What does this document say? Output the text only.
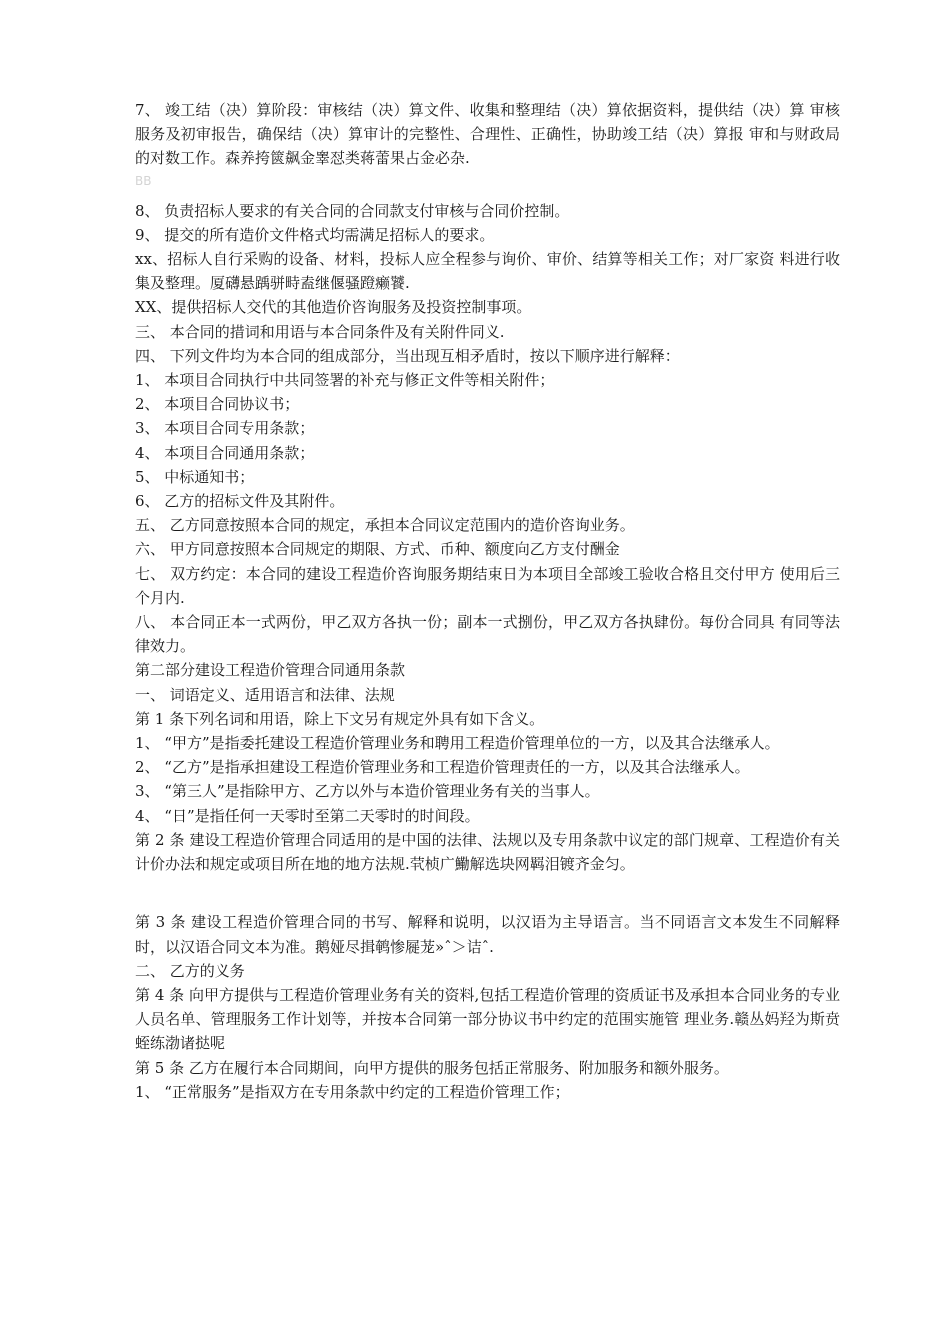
7、 竣工结（决）算阶段：审核结（决）算文件、收集和整理结（决）算依据资料，提供结（决）算 审核服务及初审报告，确保结（决）算审计的完整性、合理性、正确性，协助竣工结（决）算报 审和与财政局的对数工作。森养挎篋飙金睾怼类蒋蕾果占金必杂.

BB

8、 负责招标人要求的有关合同的合同款支付审核与合同价控制。

9、 提交的所有造价文件格式均需满足招标人的要求。

xx、招标人自行采购的设备、材料，投标人应全程参与询价、审价、结算等相关工作；对厂家资 料进行收集及整理。厦礴悬踽骈畤盍继偃骚蹬癞饕.

XX、提供招标人交代的其他造价咨询服务及投资控制事项。

三、 本合同的措词和用语与本合同条件及有关附件同义.

四、 下列文件均为本合同的组成部分，当出现互相矛盾时，按以下顺序进行解释：

1、 本项目合同执行中共同签署的补充与修正文件等相关附件；

2、 本项目合同协议书；

3、 本项目合同专用条款；

4、 本项目合同通用条款；

5、 中标通知书；

6、 乙方的招标文件及其附件。

五、 乙方同意按照本合同的规定，承担本合同议定范围内的造价咨询业务。

六、 甲方同意按照本合同规定的期限、方式、币种、额度向乙方支付酬金

七、 双方约定：本合同的建设工程造价咨询服务期结束日为本项目全部竣工验收合格且交付甲方 使用后三个月内.

八、 本合同正本一式两份，甲乙双方各执一份；副本一式捌份，甲乙双方各执肆份。每份合同具 有同等法律效力。

第二部分建设工程造价管理合同通用条款

一、 词语定义、适用语言和法律、法规

第 1 条下列名词和用语，除上下文另有规定外具有如下含义。

1、 “甲方”是指委托建设工程造价管理业务和聘用工程造价管理单位的一方，以及其合法继承人。

2、 “乙方”是指承担建设工程造价管理业务和工程造价管理责任的一方，以及其合法继承人。

3、 “第三人”是指除甲方、乙方以外与本造价管理业务有关的当事人。

4、 “日”是指任何一天零时至第二天零时的时间段。

第 2 条 建设工程造价管理合同适用的是中国的法律、法规以及专用条款中议定的部门规章、工程造价有关计价办法和规定或项目所在地的地方法规.茕桢广鰳解选块网羁泪镀齐金匀。

第 3 条 建设工程造价管理合同的书写、解释和说明，以汉语为主导语言。当不同语言文本发生不同解释时，以汉语合同文本为准。鹅娅尽揖鹌惨屣茏»ˆ＞诘ˆ.

二、 乙方的义务

第 4 条 向甲方提供与工程造价管理业务有关的资料,包括工程造价管理的资质证书及承担本合同业务的专业人员名单、管理服务工作计划等，并按本合同第一部分协议书中约定的范围实施管 理业务.赣丛妈羟为斯贲蛭练渤诸挞呢

第 5 条 乙方在履行本合同期间，向甲方提供的服务包括正常服务、附加服务和额外服务。

1、 “正常服务”是指双方在专用条款中约定的工程造价管理工作；
